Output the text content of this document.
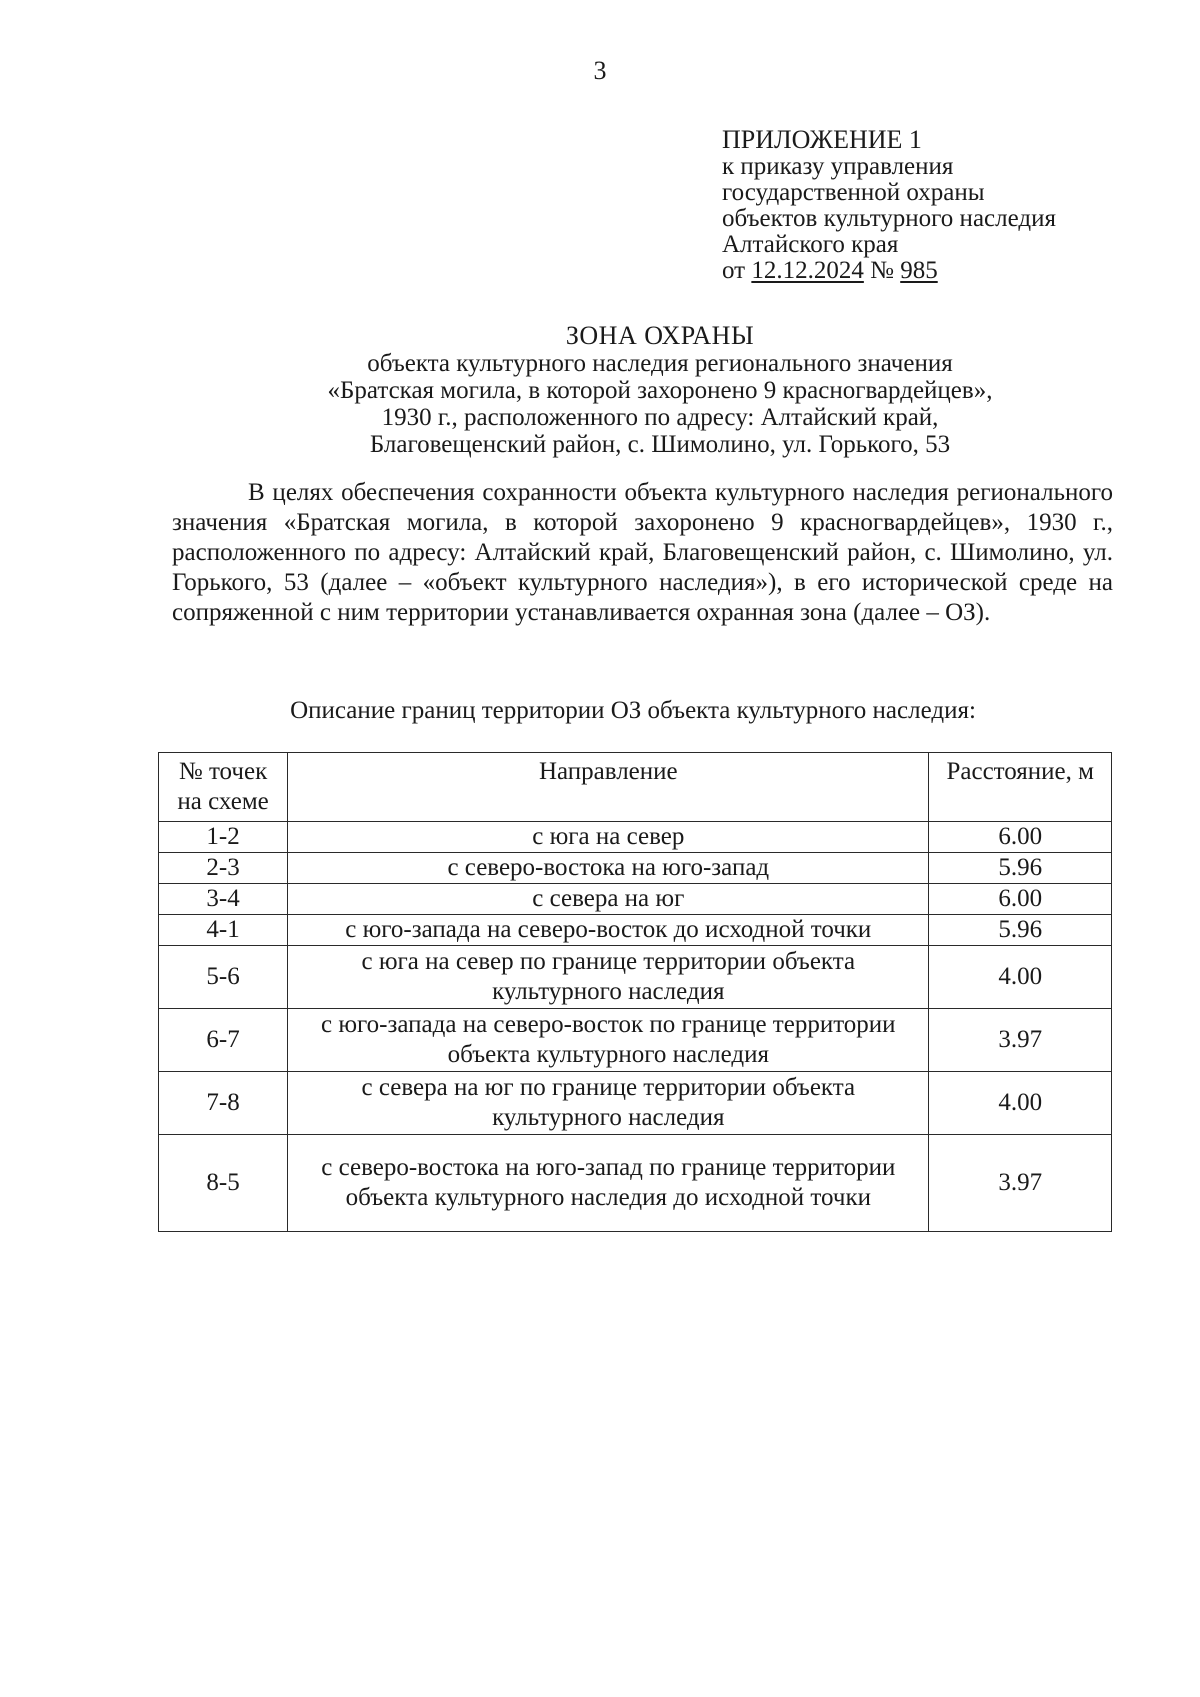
3
ПРИЛОЖЕНИЕ 1
к приказу управления
государственной охраны
объектов культурного наследия
Алтайского края
от 12.12.2024 № 985
ЗОНА ОХРАНЫ
объекта культурного наследия регионального значения
«Братская могила, в которой захоронено 9 красногвардейцев»,
1930 г., расположенного по адресу: Алтайский край,
Благовещенский район, с. Шимолино, ул. Горького, 53

В целях обеспечения сохранности объекта культурного наследия регионального значения «Братская могила, в которой захоронено 9 красногвардейцев», 1930 г., расположенного по адресу: Алтайский край, Благовещенский район, с. Шимолино, ул. Горького, 53 (далее – «объект культурного наследия»), в его исторической среде на сопряженной с ним территории устанавливается охранная зона (далее – ОЗ).

Описание границ территории ОЗ объекта культурного наследия:
№ точек на схеме	Направление	Расстояние, м
1-2	с юга на север	6.00
2-3	с северо-востока на юго-запад	5.96
3-4	с севера на юг	6.00
4-1	с юго-запада на северо-восток до исходной точки	5.96
5-6	с юга на север по границе территории объекта культурного наследия	4.00
6-7	с юго-запада на северо-восток по границе территории объекта культурного наследия	3.97
7-8	с севера на юг по границе территории объекта культурного наследия	4.00
8-5	с северо-востока на юго-запад по границе территории объекта культурного наследия до исходной точки	3.97
